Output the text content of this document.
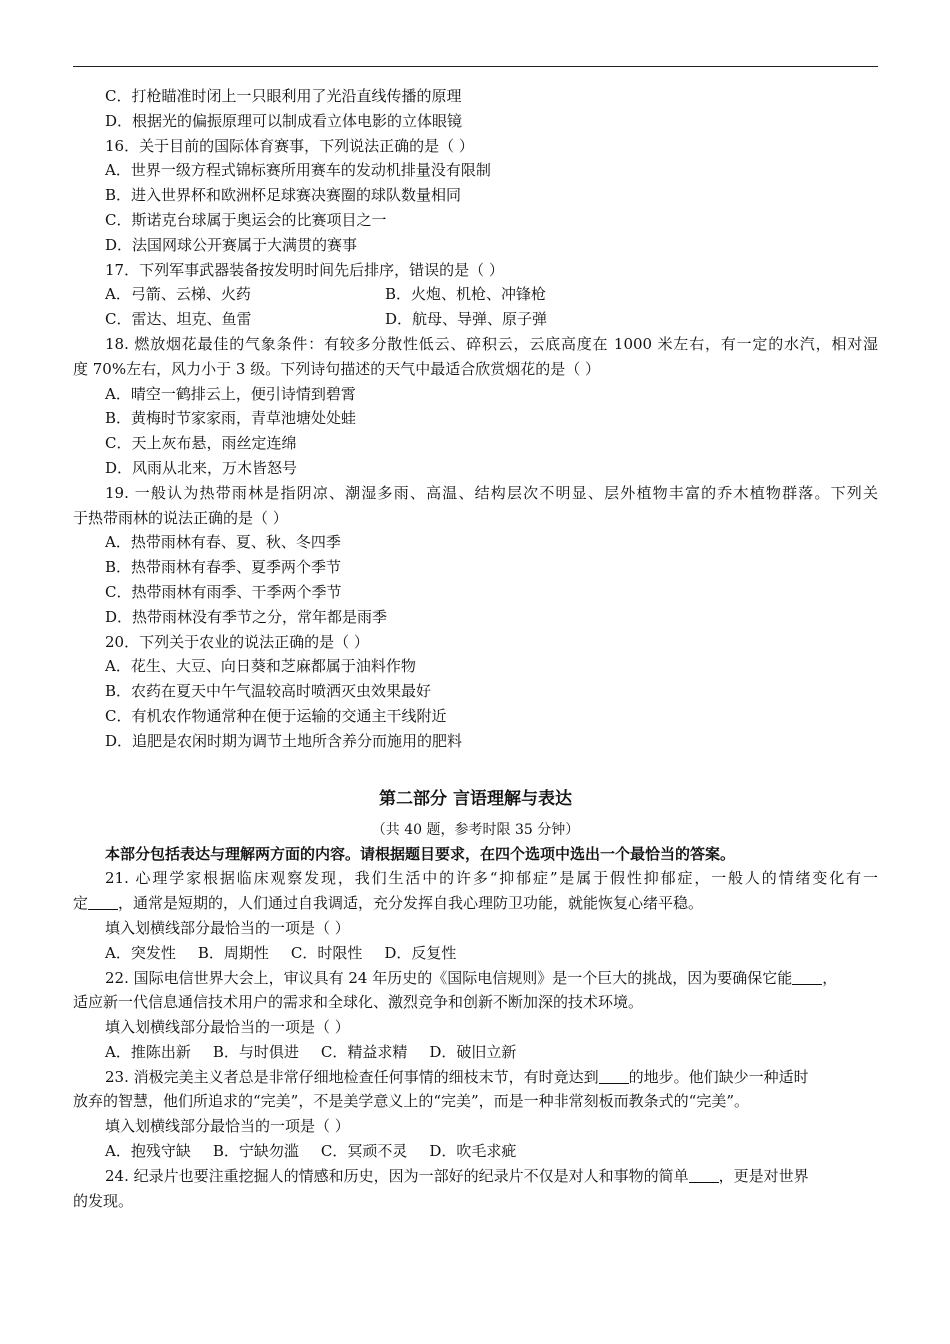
C．打枪瞄准时闭上一只眼利用了光沿直线传播的原理
D．根据光的偏振原理可以制成看立体电影的立体眼镜
16．关于目前的国际体育赛事，下列说法正确的是（ ）
A．世界一级方程式锦标赛所用赛车的发动机排量没有限制
B．进入世界杯和欧洲杯足球赛决赛圈的球队数量相同
C．斯诺克台球属于奥运会的比赛项目之一
D．法国网球公开赛属于大满贯的赛事
17．下列军事武器装备按发明时间先后排序，错误的是（ ）
A．弓箭、云梯、火药	B．火炮、机枪、冲锋枪
C．雷达、坦克、鱼雷	D．航母、导弹、原子弹
18. 燃放烟花最佳的气象条件：有较多分散性低云、碎积云，云底高度在 1000 米左右，有一定的水汽，相对湿
度 70%左右，风力小于 3 级。下列诗句描述的天气中最适合欣赏烟花的是（ ）
A．晴空一鹤排云上，便引诗情到碧霄
B．黄梅时节家家雨，青草池塘处处蛙
C．天上灰布悬，雨丝定连绵
D．风雨从北来，万木皆怒号
19. 一般认为热带雨林是指阴凉、潮湿多雨、高温、结构层次不明显、层外植物丰富的乔木植物群落。下列关
于热带雨林的说法正确的是（ ）
A．热带雨林有春、夏、秋、冬四季
B．热带雨林有春季、夏季两个季节
C．热带雨林有雨季、干季两个季节
D．热带雨林没有季节之分，常年都是雨季
20．下列关于农业的说法正确的是（ ）
A．花生、大豆、向日葵和芝麻都属于油料作物
B．农药在夏天中午气温较高时喷洒灭虫效果最好
C．有机农作物通常种在便于运输的交通主干线附近
D．追肥是农闲时期为调节土地所含养分而施用的肥料
第二部分 言语理解与表达
（共 40 题，参考时限 35 分钟）
本部分包括表达与理解两方面的内容。请根据题目要求，在四个选项中选出一个最恰当的答案。
21. 心理学家根据临床观察发现，我们生活中的许多“抑郁症”是属于假性抑郁症，一般人的情绪变化有一
定 ，通常是短期的，人们通过自我调适，充分发挥自我心理防卫功能，就能恢复心绪平稳。
填入划横线部分最恰当的一项是（ ）
A．突发性 B．周期性 C．时限性 D．反复性
22. 国际电信世界大会上，审议具有 24 年历史的《国际电信规则》是一个巨大的挑战，因为要确保它能 ，
适应新一代信息通信技术用户的需求和全球化、激烈竞争和创新不断加深的技术环境。
填入划横线部分最恰当的一项是（ ）
A．推陈出新 B．与时俱进 C．精益求精 D．破旧立新
23. 消极完美主义者总是非常仔细地检查任何事情的细枝末节，有时竟达到 的地步。他们缺少一种适时
放弃的智慧，他们所追求的“完美”，不是美学意义上的“完美”，而是一种非常刻板而教条式的“完美”。
填入划横线部分最恰当的一项是（ ）
A．抱残守缺 B．宁缺勿滥 C．冥顽不灵 D．吹毛求疵
24. 纪录片也要注重挖掘人的情感和历史，因为一部好的纪录片不仅是对人和事物的简单 ，更是对世界
的发现。
